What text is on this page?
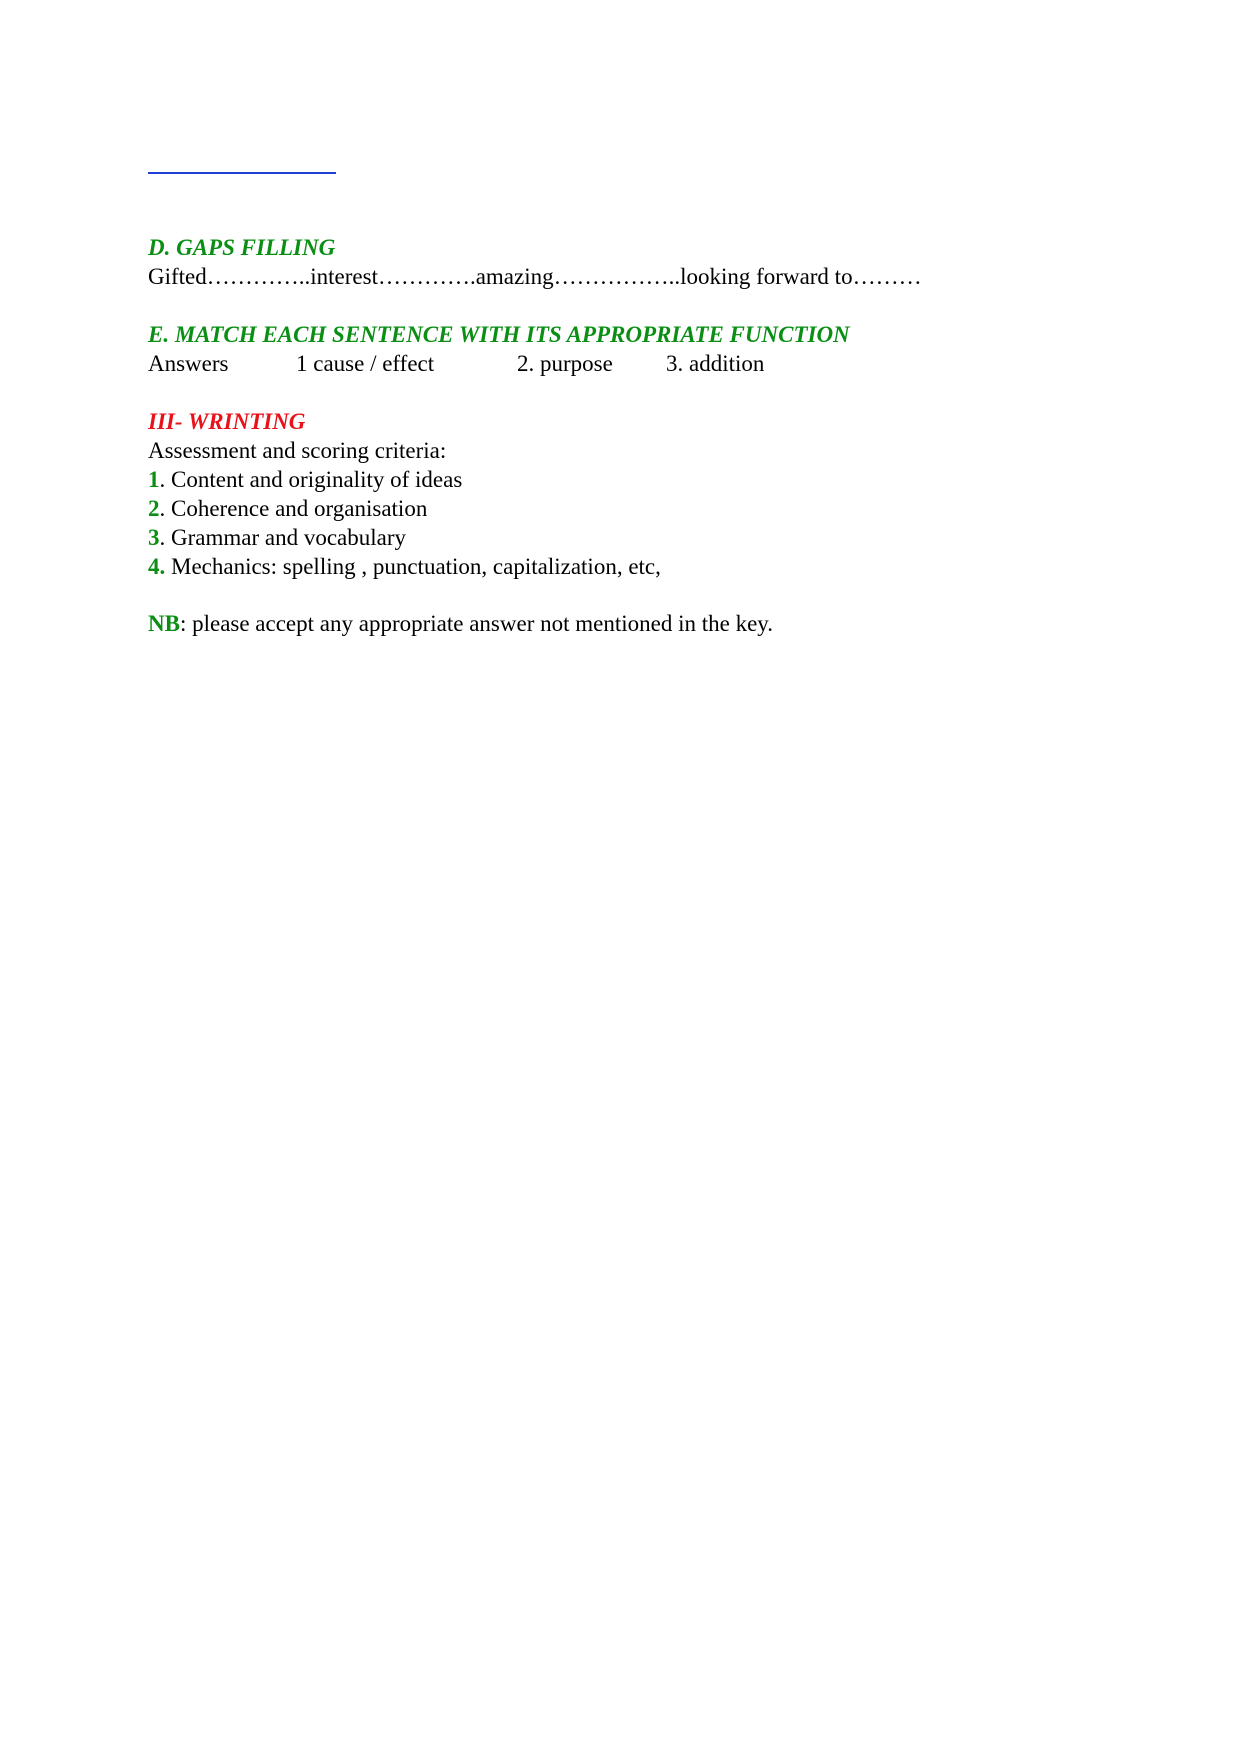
D. GAPS FILLING

Gifted…………..interest………….amazing……………..looking forward to………

E. MATCH EACH SENTENCE WITH ITS APPROPRIATE FUNCTION

Answers	1 cause / effect	2. purpose 3. addition

III- WRINTING

Assessment and scoring criteria:

1. Content and originality of ideas

2. Coherence and organisation

3. Grammar and vocabulary

4. Mechanics: spelling , punctuation, capitalization, etc,

NB: please accept any appropriate answer not mentioned in the key.
